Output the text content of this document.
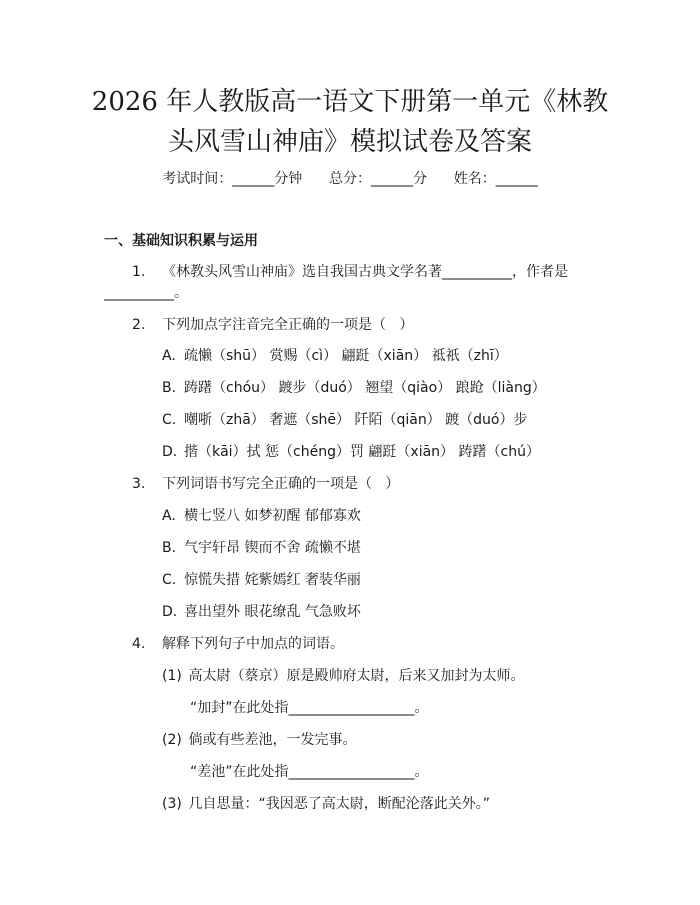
2026 年人教版高一语文下册第一单元《林教
头风雪山神庙》模拟试卷及答案
考试时间：______分钟      总分：______分      姓名：______
一、基础知识积累与运用
1. 《林教头风雪山神庙》选自我国古典文学名著__________，作者是
__________。
2. 下列加点字注音完全正确的一项是（   ）
A. 疏懒（shū） 赏赐（cì） 翩跹（xiān） 祗祇（zhī）
B. 踌躇（chóu） 踱步（duó） 翘望（qiào） 踉跄（liàng）
C. 嘲哳（zhā） 奢遮（shē） 阡陌（qiān） 踱（duó）步
D. 揩（kāi）拭 惩（chéng）罚 翩跹（xiān） 踌躇（chú）
3. 下列词语书写完全正确的一项是（   ）
A. 横七竖八 如梦初醒 郁郁寡欢
B. 气宇轩昂 锲而不舍 疏懒不堪
C. 惊慌失措 姹紫嫣红 奢装华丽
D. 喜出望外 眼花缭乱 气急败坏
4. 解释下列句子中加点的词语。
(1) 高太尉（蔡京）原是殿帅府太尉，后来又加封为太师。
“加封”在此处指__________________。
(2) 倘或有些差池，一发完事。
“差池”在此处指__________________。
(3) 几自思量：“我因恶了高太尉，断配沦落此关外。”
